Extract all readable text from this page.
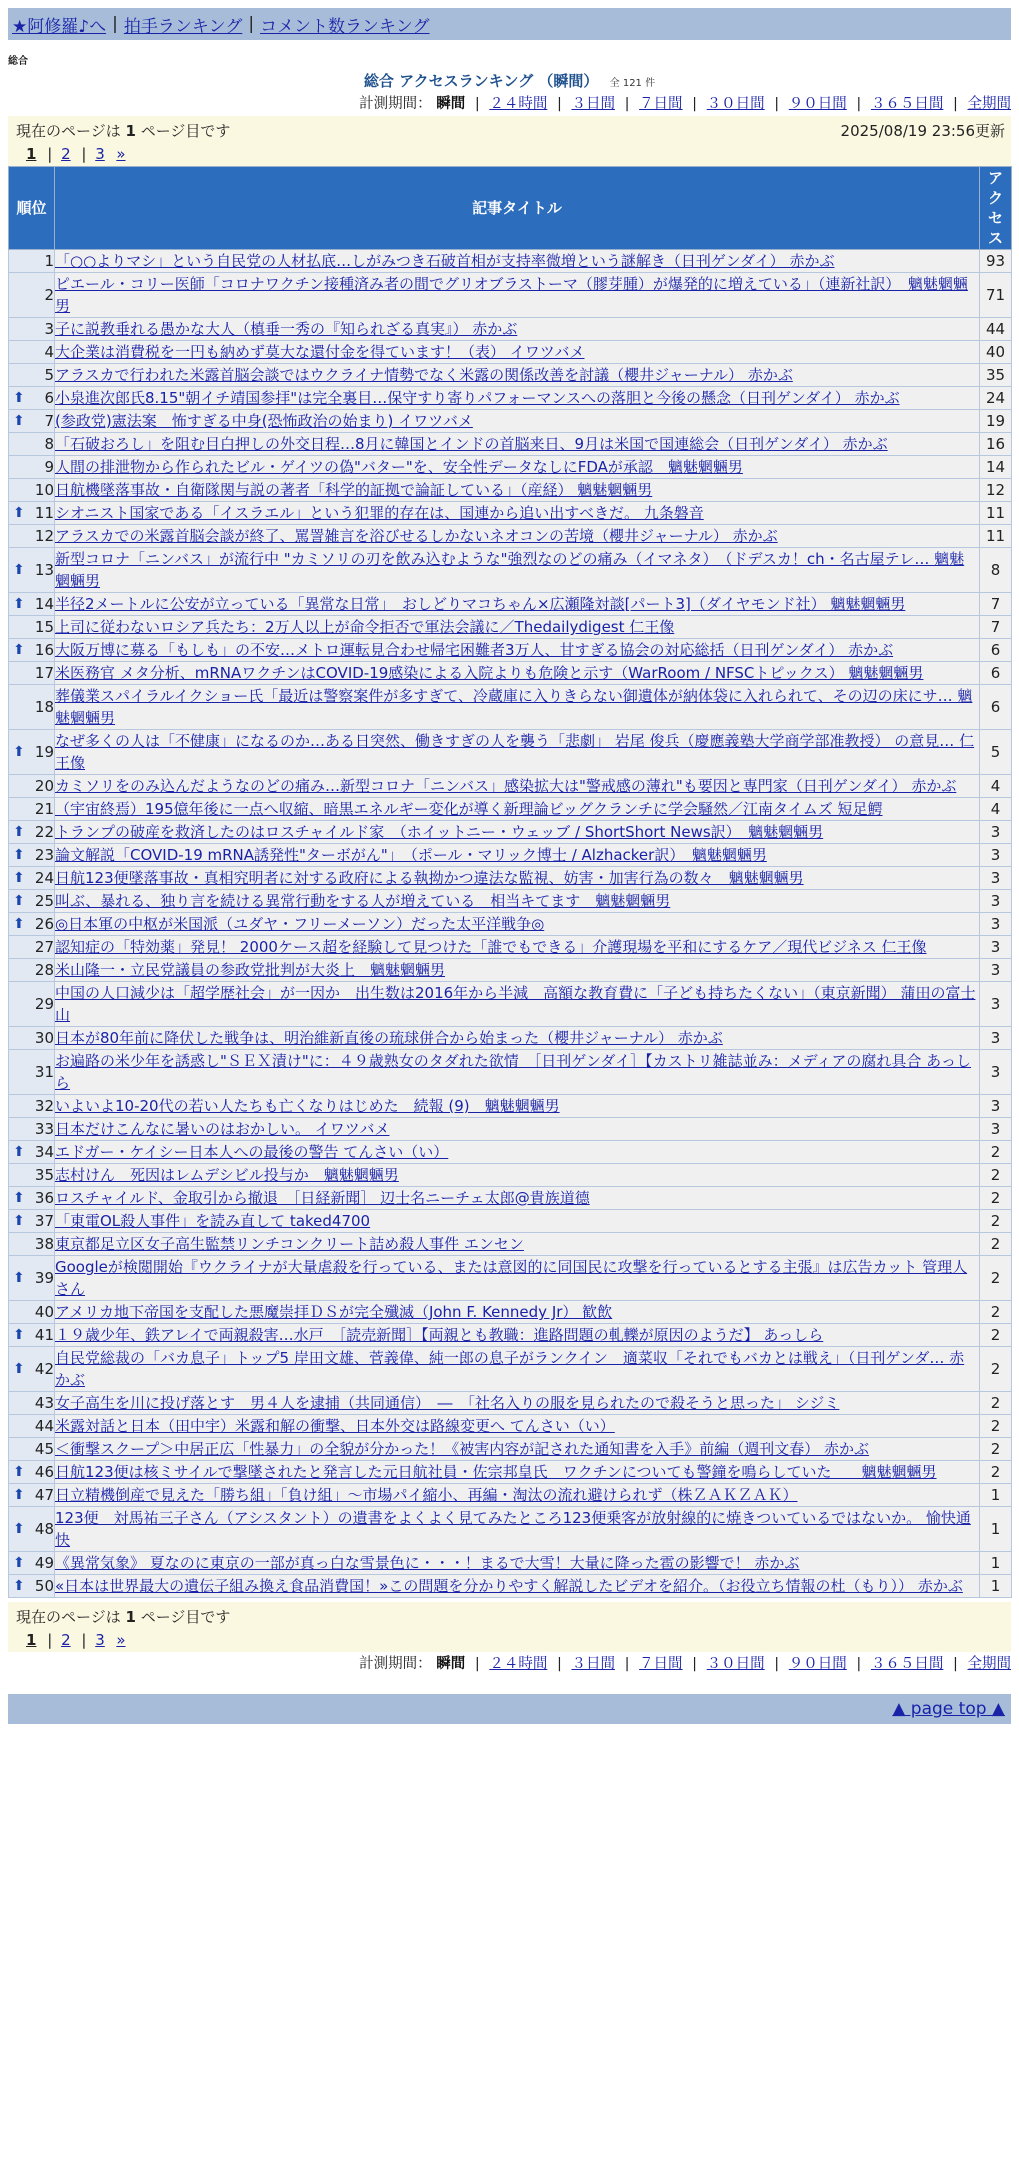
★阿修羅♪へ | 拍手ランキング | コメント数ランキング
総合
総合 アクセスランキング （瞬間） 全 121 件
計測期間： 瞬間 | ２４時間 | ３日間 | ７日間 | ３０日間 | ９０日間 | ３６５日間 | 全期間
現在のページは 1 ページ目です	2025/08/19 23:56更新
1 | 2 | 3 »
順位	記事タイトル	アクセス
1	「○○よりマシ」という自民党の人材払底…しがみつき石破首相が支持率微増という謎解き（日刊ゲンダイ） 赤かぶ	93
2	ピエール・コリー医師「コロナワクチン接種済み者の間でグリオブラストーマ（膠芽腫）が爆発的に増えている」（連新社訳）　魑魅魍魎男	71
3	子に説教垂れる愚かな大人（槙垂一秀の『知られざる真実』） 赤かぶ	44
4	大企業は消費税を一円も納めず莫大な還付金を得ています！（表） イワツバメ	40
5	アラスカで行われた米露首脳会談ではウクライナ情勢でなく米露の関係改善を討議（櫻井ジャーナル） 赤かぶ	35

⬆ 6	小泉進次郎氏8.15"朝イチ靖国参拝"は完全裏目…保守すり寄りパフォーマンスへの落胆と今後の懸念（日刊ゲンダイ） 赤かぶ	24

⬆ 7	(参政党)憲法案　怖すぎる中身(恐怖政治の始まり) イワツバメ	19
8	「石破おろし」を阻む目白押しの外交日程…8月に韓国とインドの首脳来日、9月は米国で国連総会（日刊ゲンダイ） 赤かぶ	16
9	人間の排泄物から作られたビル・ゲイツの偽"バター"を、安全性データなしにFDAが承認　魑魅魍魎男	14
10	日航機墜落事故・自衛隊関与説の著者「科学的証拠で論証している」（産経） 魑魅魍魎男	12

⬆ 11	シオニスト国家である「イスラエル」という犯罪的存在は、国連から追い出すべきだ。 九条磐音	11
12	アラスカでの米露首脳会談が終了、罵詈雑言を浴びせるしかないネオコンの苦境（櫻井ジャーナル） 赤かぶ	11

⬆ 13	新型コロナ「ニンバス」が流行中 "カミソリの刃を飲み込むような"強烈なのどの痛み（イマネタ）　（ドデスカ！ch・名古屋テレ… 魑魅魍魎男	8

⬆ 14	半径2メートルに公安が立っている「異常な日常」　おしどりマコちゃん×広瀬隆対談[パート3]（ダイヤモンド社） 魑魅魍魎男	7
15	上司に従わないロシア兵たち：2万人以上が命令拒否で軍法会議に／Thedailydigest 仁王像	7

⬆ 16	大阪万博に募る「もしも」の不安…メトロ運転見合わせ帰宅困難者3万人、甘すぎる協会の対応総括（日刊ゲンダイ） 赤かぶ	6
17	米医務官 メタ分析、mRNAワクチンはCOVID-19感染による入院よりも危険と示す（WarRoom / NFSCトピックス） 魑魅魍魎男	6
18	葬儀業スパイラルイクショー氏「最近は警察案件が多すぎて、冷蔵庫に入りきらない御遺体が納体袋に入れられて、その辺の床にサ… 魑魅魍魎男	6

⬆ 19	なぜ多くの人は「不健康」になるのか…ある日突然、働きすぎの人を襲う「悲劇」 岩尾 俊兵（慶應義塾大学商学部准教授） の意見… 仁王像	5
20	カミソリをのみ込んだようなのどの痛み…新型コロナ「ニンバス」感染拡大は"警戒感の薄れ"も要因と専門家（日刊ゲンダイ） 赤かぶ	4
21	（宇宙終焉）195億年後に一点へ収縮、暗黒エネルギー変化が導く新理論ビッグクランチに学会騒然／江南タイムズ 短足鰐	4

⬆ 22	トランプの破産を救済したのはロスチャイルド家　（ホイットニー・ウェッブ / ShortShort News訳）　魑魅魍魎男	3

⬆ 23	論文解説「COVID-19 mRNA誘発性"ターボがん"」　（ポール・マリック博士 / Alzhacker訳）　魑魅魍魎男	3

⬆ 24	日航123便墜落事故・真相究明者に対する政府による執拗かつ違法な監視、妨害・加害行為の数々　魑魅魍魎男	3

⬆ 25	叫ぶ、暴れる、独り言を続ける異常行動をする人が増えている　相当キてます　魑魅魍魎男	3

⬆ 26	◎日本軍の中枢が米国派（ユダヤ・フリーメーソン）だった太平洋戦争◎	3
27	認知症の「特効薬」発見！ 2000ケース超を経験して見つけた「誰でもできる」介護現場を平和にするケア／現代ビジネス 仁王像	3
28	米山隆一・立民党議員の参政党批判が大炎上　魑魅魍魎男	3
29	中国の人口減少は「超学歴社会」が一因か　出生数は2016年から半減　高額な教育費に「子ども持ちたくない」（東京新聞） 蒲田の富士山	3
30	日本が80年前に降伏した戦争は、明治維新直後の琉球併合から始まった（櫻井ジャーナル） 赤かぶ	3
31	お遍路の米少年を誘惑し"ＳＥＸ漬け"に：４９歳熟女のタダれた欲情　［日刊ゲンダイ］【カストリ雑誌並み：メディアの腐れ具合 あっしら	3
32	いよいよ10-20代の若い人たちも亡くなりはじめた　続報 (9)　魑魅魍魎男	3
33	日本だけこんなに暑いのはおかしい。 イワツバメ	3

⬆ 34	エドガー・ケイシー日本人への最後の警告 てんさい（い）	2
35	志村けん　死因はレムデシビル投与か　魑魅魍魎男	2

⬆ 36	ロスチャイルド、金取引から撤退　［日経新聞］ 辺士名ニーチェ太郎@貴族道德	2

⬆ 37	「東電OL殺人事件」を読み直して taked4700	2
38	東京都足立区女子高生監禁リンチコンクリート詰め殺人事件 エンセン	2

⬆ 39	Googleが検閲開始『ウクライナが大量虐殺を行っている、または意図的に同国民に攻撃を行っているとする主張』は広告カット 管理人さん	2
40	アメリカ地下帝国を支配した悪魔崇拝ＤＳが完全殲滅（John F. Kennedy Jr） 歓飲	2

⬆ 41	１９歳少年、鉄アレイで両親殺害…水戸　［読売新聞］【両親とも教職：進路問題の軋轢が原因のようだ】 あっしら	2

⬆ 42	自民党総裁の「バカ息子」トップ5 岸田文雄、菅義偉、純一郎の息子がランクイン　適菜収「それでもバカとは戦え」（日刊ゲンダ… 赤かぶ	2
43	女子高生を川に投げ落とす　男４人を逮捕（共同通信）　―　「社名入りの服を見られたので殺そうと思った」 シジミ	2
44	米露対話と日本（田中宇）米露和解の衝撃、日本外交は路線変更へ てんさい（い）	2
45	＜衝撃スクープ＞中居正広「性暴力」の全貌が分かった！《被害内容が記された通知書を入手》前編（週刊文春） 赤かぶ	2

⬆ 46	日航123便は核ミサイルで撃墜されたと発言した元日航社員・佐宗邦皇氏　ワクチンについても警鐘を鳴らしていた　　魑魅魍魎男	2

⬆ 47	日立精機倒産で見えた「勝ち組」「負け組」～市場パイ縮小、再編・淘汰の流れ避けられず（株ＺＡＫＺＡＫ）	1

⬆ 48	123便　対馬祐三子さん（アシスタント）の遺書をよくよく見てみたところ123便乗客が放射線的に焼きついているではないか。 愉快通快	1

⬆ 49	《異常気象》 夏なのに東京の一部が真っ白な雪景色に・・・！まるで大雪！大量に降った雹の影響で！ 赤かぶ	1

⬆ 50	«日本は世界最大の遺伝子組み換え食品消費国！»この問題を分かりやすく解説したビデオを紹介。（お役立ち情報の杜（もり）） 赤かぶ	1
現在のページは 1 ページ目です
1 | 2 | 3 »
計測期間： 瞬間 | ２４時間 | ３日間 | ７日間 | ３０日間 | ９０日間 | ３６５日間 | 全期間
▲ page top ▲
